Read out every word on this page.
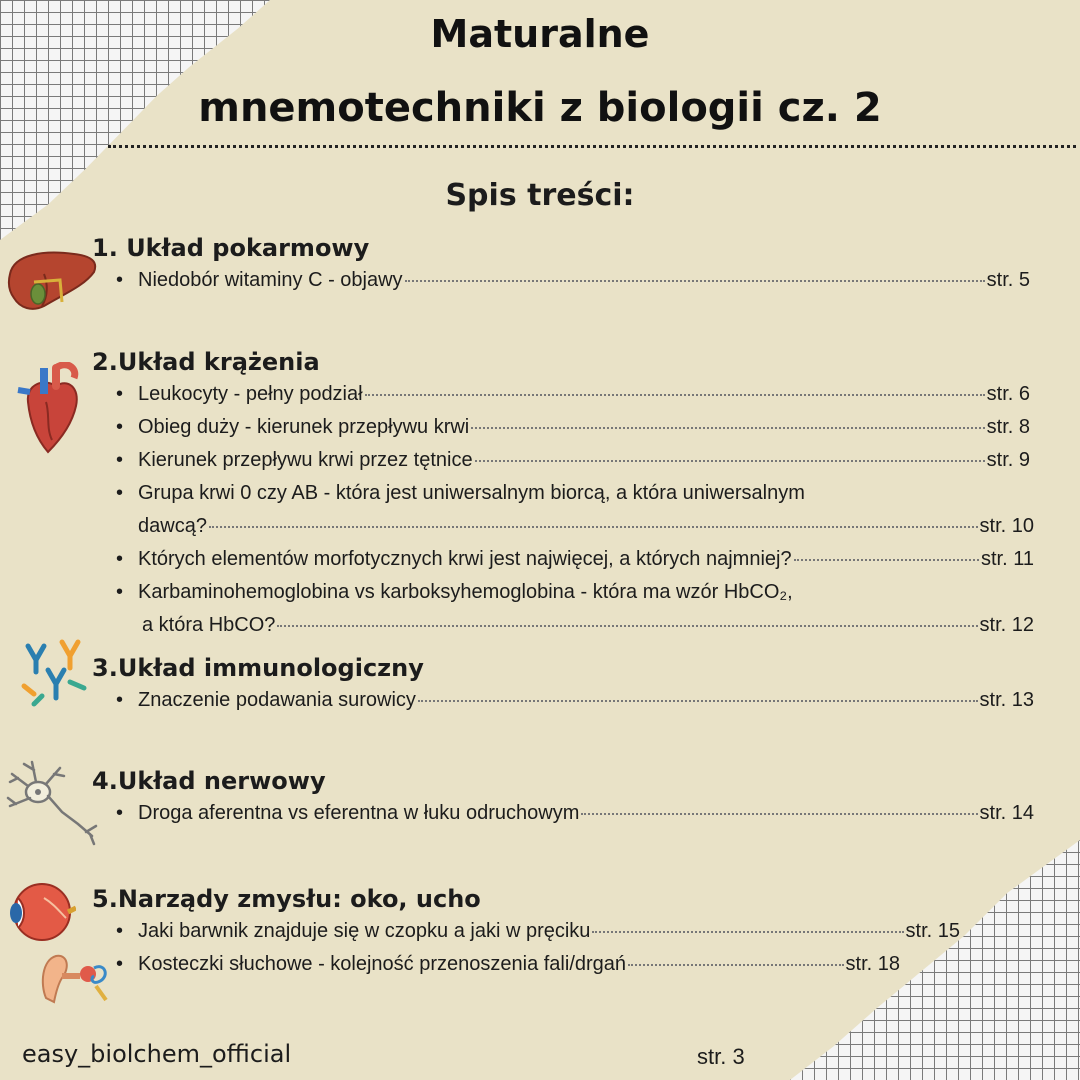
Maturalne
mnemotechniki z biologii cz. 2
Spis treści:
1. Układ pokarmowy
• Niedobór witaminy C - objawy	str. 5
2.Układ krążenia
• Leukocyty - pełny podział	str. 6
• Obieg duży - kierunek przepływu krwi	str. 8
• Kierunek przepływu krwi przez tętnice	str. 9
• Grupa krwi 0 czy AB - która jest uniwersalnym biorcą, a która uniwersalnym
dawcą?	str. 10
• Których elementów morfotycznych krwi jest najwięcej, a których najmniej?	str. 11
• Karbaminohemoglobina vs karboksyhemoglobina - która ma wzór HbCO₂,
a która HbCO?	str. 12
3.Układ immunologiczny
• Znaczenie podawania surowicy	str. 13
4.Układ nerwowy
• Droga aferentna vs eferentna w łuku odruchowym	str. 14
5.Narządy zmysłu: oko, ucho
• Jaki barwnik znajduje się w czopku a jaki w pręciku	str. 15
• Kosteczki słuchowe - kolejność przenoszenia fali/drgań	str. 18
easy_biolchem_official	str. 3
